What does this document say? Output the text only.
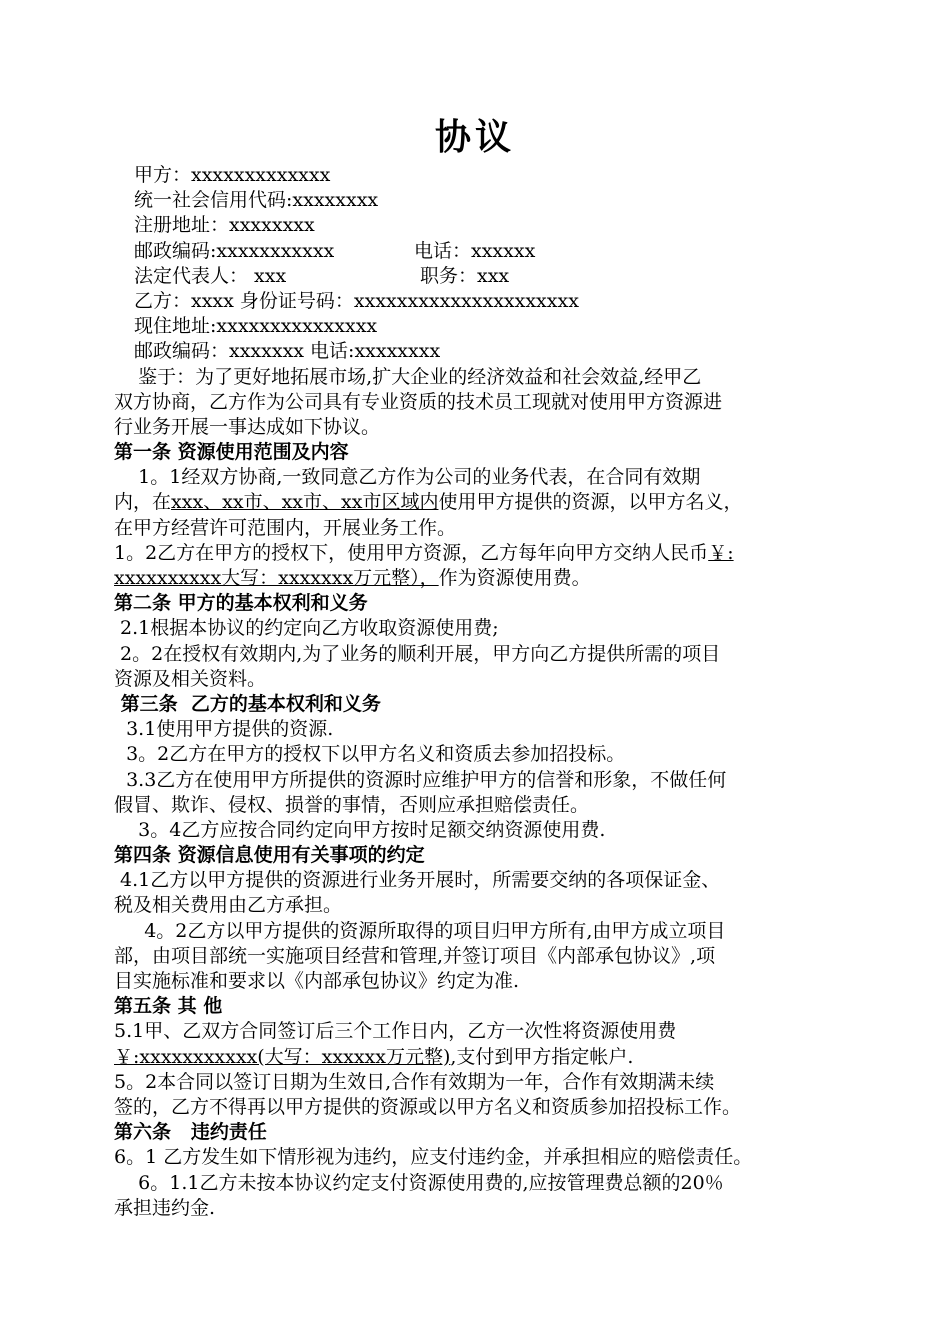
协议
甲方：xxxxxxxxxxxxx
统一社会信用代码:xxxxxxxx
注册地址：xxxxxxxx
邮政编码:xxxxxxxxxxx	电话：xxxxxx
法定代表人： xxx	职务：xxx
乙方：xxxx 身份证号码：xxxxxxxxxxxxxxxxxxxxx
现住地址:xxxxxxxxxxxxxxx
邮政编码：xxxxxxx 电话:xxxxxxxx
鉴于：为了更好地拓展市场,扩大企业的经济效益和社会效益,经甲乙
双方协商，乙方作为公司具有专业资质的技术员工现就对使用甲方资源进
行业务开展一事达成如下协议。
第一条 资源使用范围及内容
1。1经双方协商,一致同意乙方作为公司的业务代表，在合同有效期
内，在xxx、xx市、xx市、xx市区域内使用甲方提供的资源，以甲方名义，
在甲方经营许可范围内，开展业务工作。
1。2乙方在甲方的授权下，使用甲方资源，乙方每年向甲方交纳人民币￥:
xxxxxxxxxx大写：xxxxxxx万元整），作为资源使用费。
第二条 甲方的基本权利和义务
2.1根据本协议的约定向乙方收取资源使用费;
2。2在授权有效期内,为了业务的顺利开展，甲方向乙方提供所需的项目
资源及相关资料。
第三条  乙方的基本权利和义务
3.1使用甲方提供的资源.
3。2乙方在甲方的授权下以甲方名义和资质去参加招投标。
3.3乙方在使用甲方所提供的资源时应维护甲方的信誉和形象，不做任何
假冒、欺诈、侵权、损誉的事情，否则应承担赔偿责任。
3。4乙方应按合同约定向甲方按时足额交纳资源使用费.
第四条 资源信息使用有关事项的约定
4.1乙方以甲方提供的资源进行业务开展时，所需要交纳的各项保证金、
税及相关费用由乙方承担。
4。2乙方以甲方提供的资源所取得的项目归甲方所有,由甲方成立项目
部，由项目部统一实施项目经营和管理,并签订项目《内部承包协议》,项
目实施标准和要求以《内部承包协议》约定为准.
第五条 其 他
5.1甲、乙双方合同签订后三个工作日内，乙方一次性将资源使用费
￥:xxxxxxxxxxx(大写：xxxxxx万元整),支付到甲方指定帐户.
5。2本合同以签订日期为生效日,合作有效期为一年，合作有效期满未续
签的，乙方不得再以甲方提供的资源或以甲方名义和资质参加招投标工作。
第六条   违约责任
6。1 乙方发生如下情形视为违约，应支付违约金，并承担相应的赔偿责任。
6。1.1乙方未按本协议约定支付资源使用费的,应按管理费总额的20％
承担违约金.
